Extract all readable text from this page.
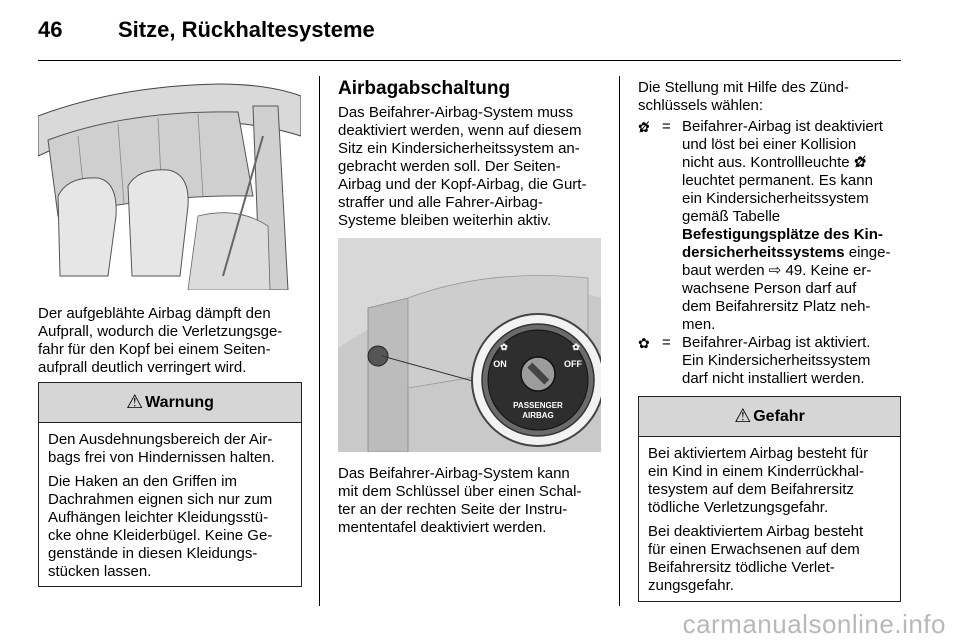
46	Sitze, Rückhaltesysteme

Der aufgeblähte Airbag dämpft den
Aufprall, wodurch die Verletzungsge-
fahr für den Kopf bei einem Seiten-
aufprall deutlich verringert wird.

⚠ Warnung

Den Ausdehnungsbereich der Air-
bags frei von Hindernissen halten.

Die Haken an den Griffen im
Dachrahmen eignen sich nur zum
Aufhängen leichter Kleidungsstü-
cke ohne Kleiderbügel. Keine Ge-
genstände in diesen Kleidungs-
stücken lassen.

Airbagabschaltung

Das Beifahrer-Airbag-System muss
deaktiviert werden, wenn auf diesem
Sitz ein Kindersicherheitssystem an-
gebracht werden soll. Der Seiten-
Airbag und der Kopf-Airbag, die Gurt-
straffer und alle Fahrer-Airbag-
Systeme bleiben weiterhin aktiv.

✿	✿
ON	OFF
PASSENGER
AIRBAG

Das Beifahrer-Airbag-System kann
mit dem Schlüssel über einen Schal-
ter an der rechten Seite der Instru-
mententafel deaktiviert werden.

Die Stellung mit Hilfe des Zünd-
schlüssels wählen:

✿̸ = Beifahrer-Airbag ist deaktiviert
und löst bei einer Kollision
nicht aus. Kontrollleuchte ✿̸
leuchtet permanent. Es kann
ein Kindersicherheitssystem
gemäß Tabelle
Befestigungsplätze des Kin-
dersicherheitssystems einge-
baut werden ⇨ 49. Keine er-
wachsene Person darf auf
dem Beifahrersitz Platz neh-
men.
✿ = Beifahrer-Airbag ist aktiviert.
Ein Kindersicherheitssystem
darf nicht installiert werden.
⚠ Gefahr

Bei aktiviertem Airbag besteht für
ein Kind in einem Kinderrückhal-
tesystem auf dem Beifahrersitz
tödliche Verletzungsgefahr.

Bei deaktiviertem Airbag besteht
für einen Erwachsenen auf dem
Beifahrersitz tödliche Verlet-
zungsgefahr.

carmanualsonline.info
